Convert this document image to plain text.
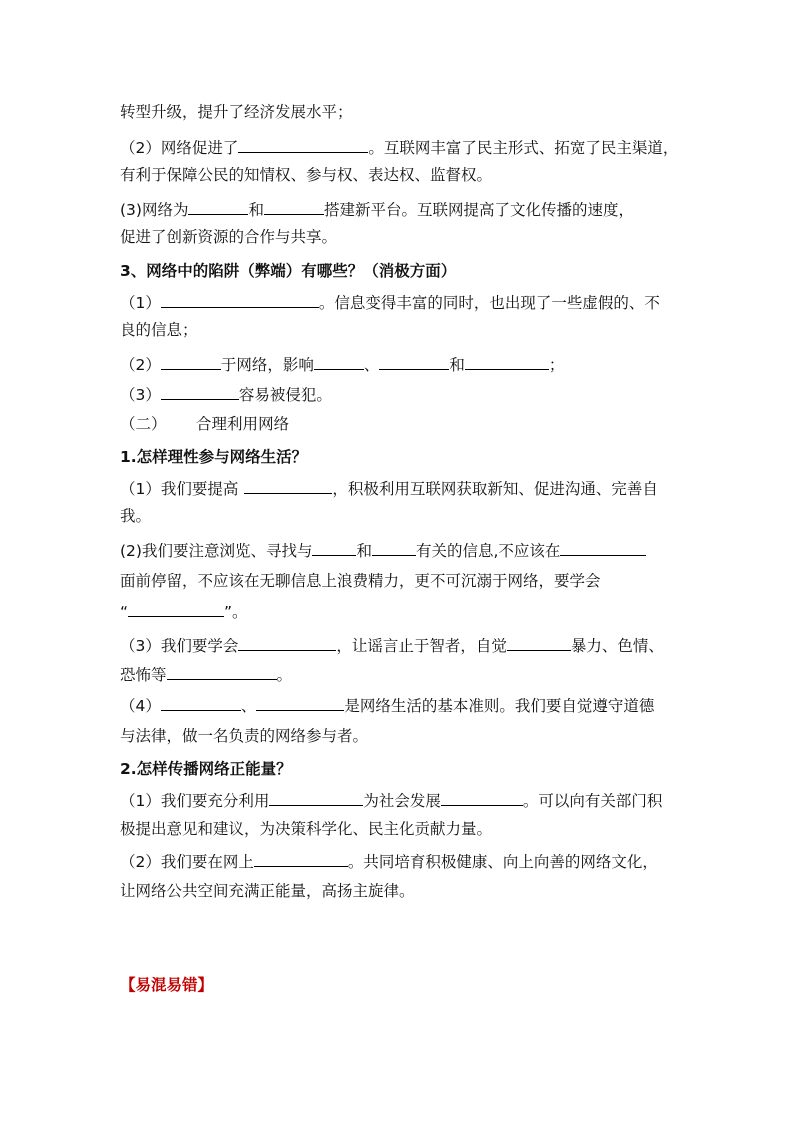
转型升级，提升了经济发展水平；
（2）网络促进了	。互联网丰富了民主形式、拓宽了民主渠道，
有利于保障公民的知情权、参与权、表达权、监督权。
(3)网络为	和	搭建新平台。互联网提高了文化传播的速度，
促进了创新资源的合作与共享。
3、网络中的陷阱（弊端）有哪些？（消极方面）
（1）	。信息变得丰富的同时，也出现了一些虚假的、不
良的信息；
（2）	于网络，影响	、	和	；
（3）	容易被侵犯。
（二）      合理利用网络
1.怎样理性参与网络生活？
（1）我们要提高	，积极利用互联网获取新知、促进沟通、完善自
我。
(2)我们要注意浏览、寻找与	和	有关的信息,不应该在
面前停留，不应该在无聊信息上浪费精力，更不可沉溺于网络，要学会
“	”。
（3）我们要学会	，让谣言止于智者，自觉	暴力、色情、
恐怖等	。
（4）	、	是网络生活的基本准则。我们要自觉遵守道德
与法律，做一名负责的网络参与者。
2.怎样传播网络正能量？
（1）我们要充分利用	为社会发展	。可以向有关部门积
极提出意见和建议，为决策科学化、民主化贡献力量。
（2）我们要在网上	。共同培育积极健康、向上向善的网络文化，
让网络公共空间充满正能量，高扬主旋律。
【易混易错】
